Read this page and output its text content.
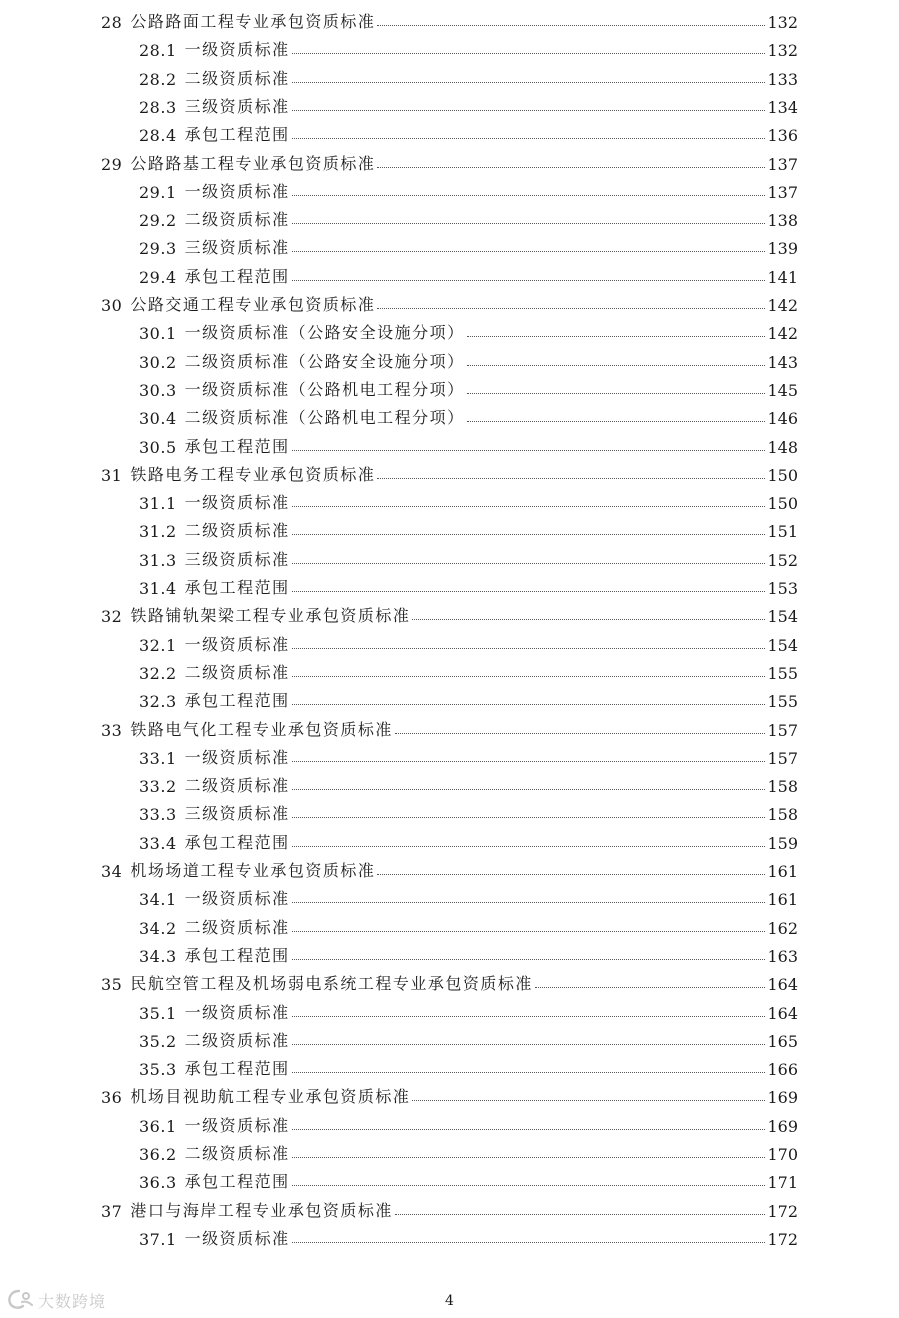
28 公路路面工程专业承包资质标准	132
28.1 一级资质标准	132
28.2 二级资质标准	133
28.3 三级资质标准	134
28.4 承包工程范围	136
29 公路路基工程专业承包资质标准	137
29.1 一级资质标准	137
29.2 二级资质标准	138
29.3 三级资质标准	139
29.4 承包工程范围	141
30 公路交通工程专业承包资质标准	142
30.1 一级资质标准（公路安全设施分项）	142
30.2 二级资质标准（公路安全设施分项）	143
30.3 一级资质标准（公路机电工程分项）	145
30.4 二级资质标准（公路机电工程分项）	146
30.5 承包工程范围	148
31 铁路电务工程专业承包资质标准	150
31.1 一级资质标准	150
31.2 二级资质标准	151
31.3 三级资质标准	152
31.4 承包工程范围	153
32 铁路铺轨架梁工程专业承包资质标准	154
32.1 一级资质标准	154
32.2 二级资质标准	155
32.3 承包工程范围	155
33 铁路电气化工程专业承包资质标准	157
33.1 一级资质标准	157
33.2 二级资质标准	158
33.3 三级资质标准	158
33.4 承包工程范围	159
34 机场场道工程专业承包资质标准	161
34.1 一级资质标准	161
34.2 二级资质标准	162
34.3 承包工程范围	163
35 民航空管工程及机场弱电系统工程专业承包资质标准	164
35.1 一级资质标准	164
35.2 二级资质标准	165
35.3 承包工程范围	166
36 机场目视助航工程专业承包资质标准	169
36.1 一级资质标准	169
36.2 二级资质标准	170
36.3 承包工程范围	171
37 港口与海岸工程专业承包资质标准	172
37.1 一级资质标准	172
4
大数跨境
